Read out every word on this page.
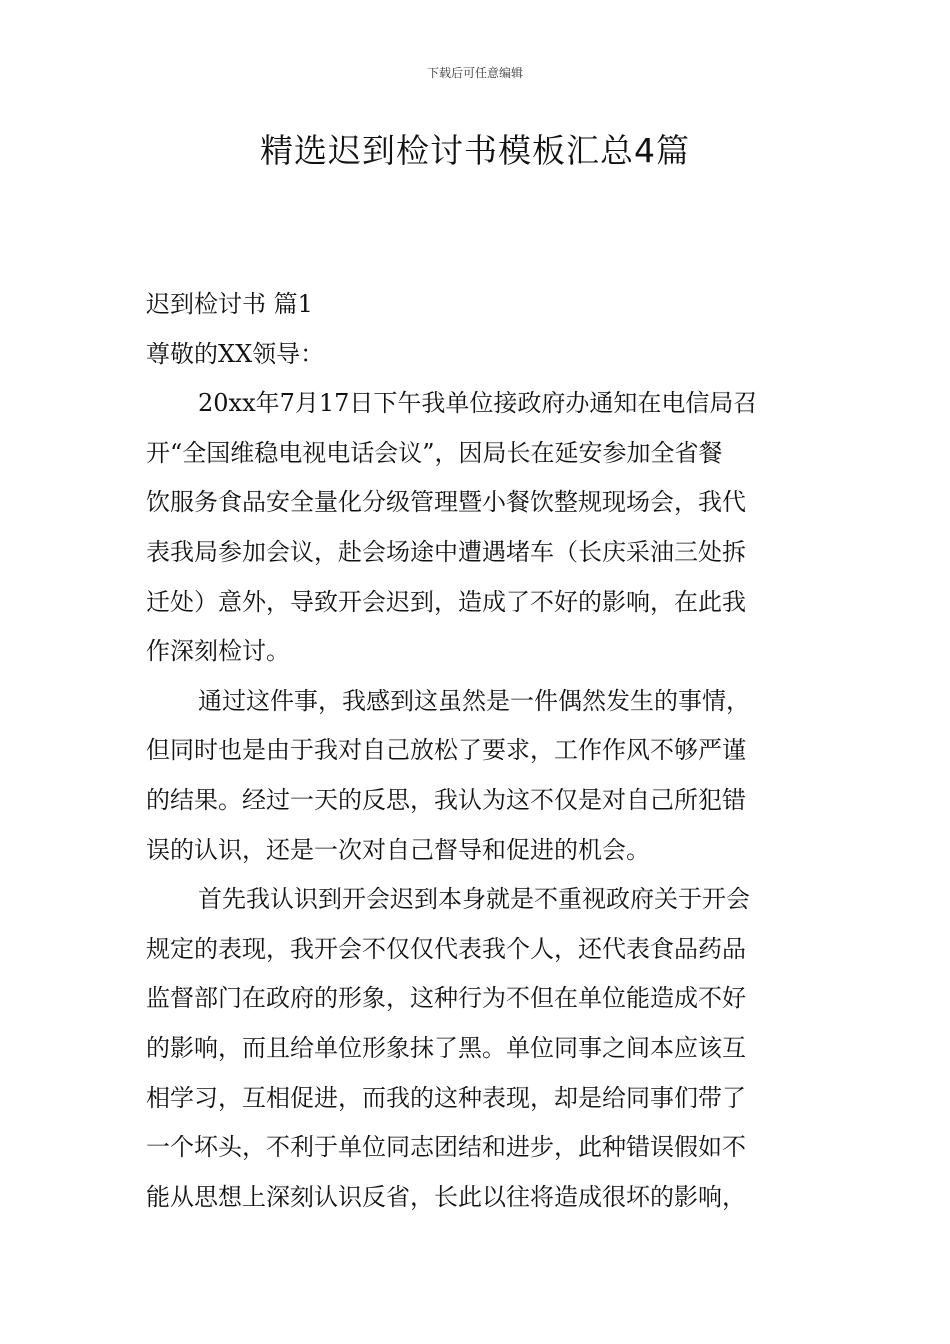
下载后可任意编辑
精选迟到检讨书模板汇总4篇
迟到检讨书 篇1
尊敬的XX领导：
20xx年7月17日下午我单位接政府办通知在电信局召
开“全国维稳电视电话会议”，因局长在延安参加全省餐
饮服务食品安全量化分级管理暨小餐饮整规现场会，我代
表我局参加会议，赴会场途中遭遇堵车（长庆采油三处拆
迁处）意外，导致开会迟到，造成了不好的影响，在此我
作深刻检讨。
通过这件事，我感到这虽然是一件偶然发生的事情，
但同时也是由于我对自己放松了要求，工作作风不够严谨
的结果。经过一天的反思，我认为这不仅是对自己所犯错
误的认识，还是一次对自己督导和促进的机会。
首先我认识到开会迟到本身就是不重视政府关于开会
规定的表现，我开会不仅仅代表我个人，还代表食品药品
监督部门在政府的形象，这种行为不但在单位能造成不好
的影响，而且给单位形象抹了黑。单位同事之间本应该互
相学习，互相促进，而我的这种表现，却是给同事们带了
一个坏头，不利于单位同志团结和进步，此种错误假如不
能从思想上深刻认识反省，长此以往将造成很坏的影响，
